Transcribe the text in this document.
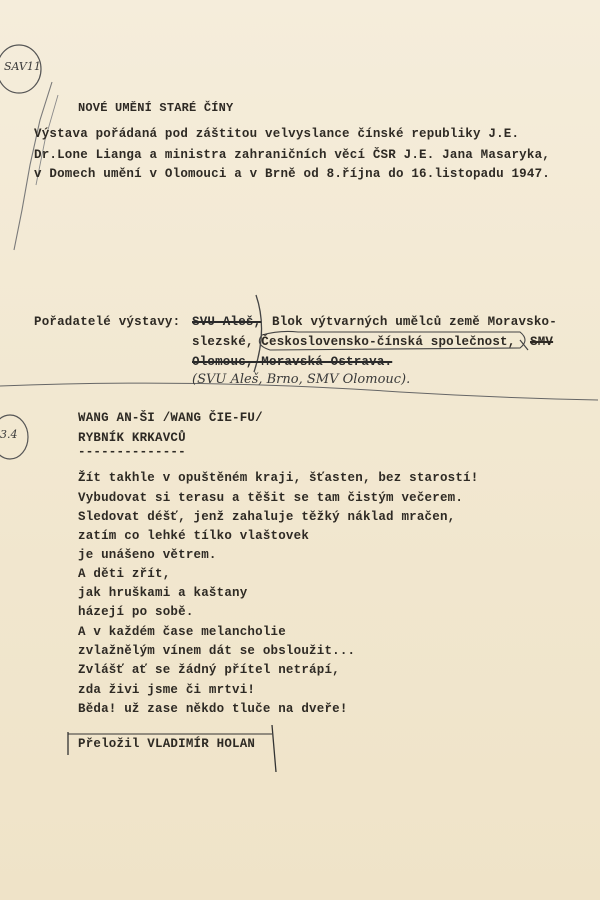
SAV11
3.4
NOVÉ UMĚNÍ STARÉ ČÍNY
Výstava pořádaná pod záštitou velvyslance čínské republiky J.E.
Dr.Lone Lianga a ministra zahraničních věcí ČSR J.E. Jana Masaryka,
v Domech umění v Olomouci a v Brně od 8.října do 16.listopadu 1947.
Pořadatelé výstavy: SVU Aleš, Blok výtvarných umělců země Moravsko-
slezské, Československo-čínská společnost, SMV
Olomouc, Moravská Ostrava.
(SVU Aleš, Brno, SMV Olomouc).
WANG AN-ŠI /WANG ČIE-FU/
RYBNÍK KRKAVCŮ
--------------
Žít takhle v opuštěném kraji, šťasten, bez starostí!
Vybudovat si terasu a těšit se tam čistým večerem.
Sledovat déšť, jenž zahaluje těžký náklad mračen,
zatím co lehké tílko vlaštovek
je unášeno větrem.
A děti zřít,
jak hruškami a kaštany
házejí po sobě.
A v každém čase melancholie
zvlažnělým vínem dát se obsloužit...
Zvlášť ať se žádný přítel netrápí,
zda živi jsme či mrtvi!
Běda! už zase někdo tluče na dveře!
Přeložil VLADIMÍR HOLAN
